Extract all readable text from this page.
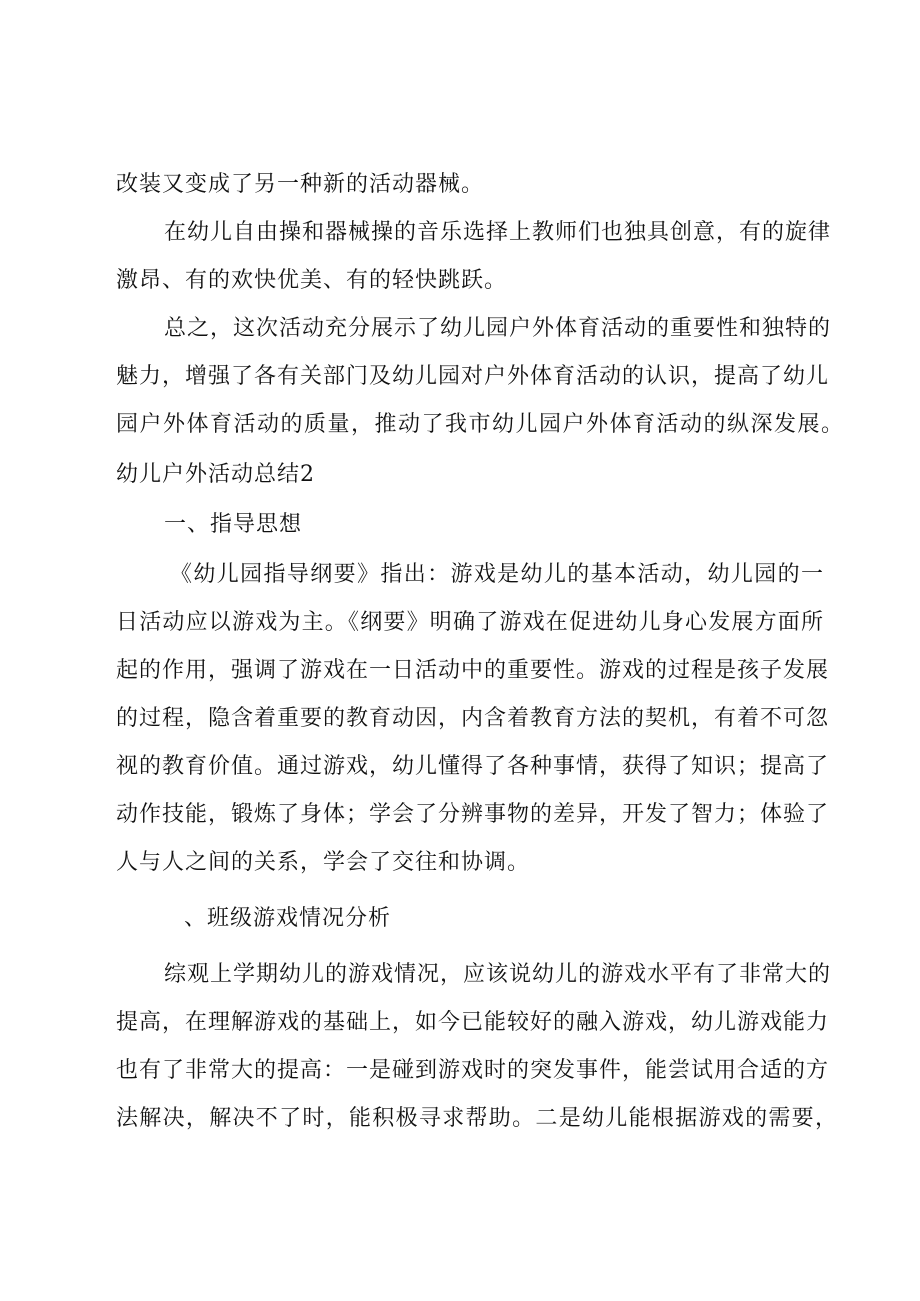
改装又变成了另一种新的活动器械。
在幼儿自由操和器械操的音乐选择上教师们也独具创意，有的旋律
激昂、有的欢快优美、有的轻快跳跃。
总之，这次活动充分展示了幼儿园户外体育活动的重要性和独特的
魅力，增强了各有关部门及幼儿园对户外体育活动的认识，提高了幼儿
园户外体育活动的质量，推动了我市幼儿园户外体育活动的纵深发展。
幼儿户外活动总结2
一、指导思想
《幼儿园指导纲要》指出：游戏是幼儿的基本活动，幼儿园的一
日活动应以游戏为主。《纲要》明确了游戏在促进幼儿身心发展方面所
起的作用，强调了游戏在一日活动中的重要性。游戏的过程是孩子发展
的过程，隐含着重要的教育动因，内含着教育方法的契机，有着不可忽
视的教育价值。通过游戏，幼儿懂得了各种事情，获得了知识；提高了
动作技能，锻炼了身体；学会了分辨事物的差异，开发了智力；体验了
人与人之间的关系，学会了交往和协调。
、班级游戏情况分析
综观上学期幼儿的游戏情况，应该说幼儿的游戏水平有了非常大的
提高，在理解游戏的基础上，如今已能较好的融入游戏，幼儿游戏能力
也有了非常大的提高：一是碰到游戏时的突发事件，能尝试用合适的方
法解决，解决不了时，能积极寻求帮助。二是幼儿能根据游戏的需要，
